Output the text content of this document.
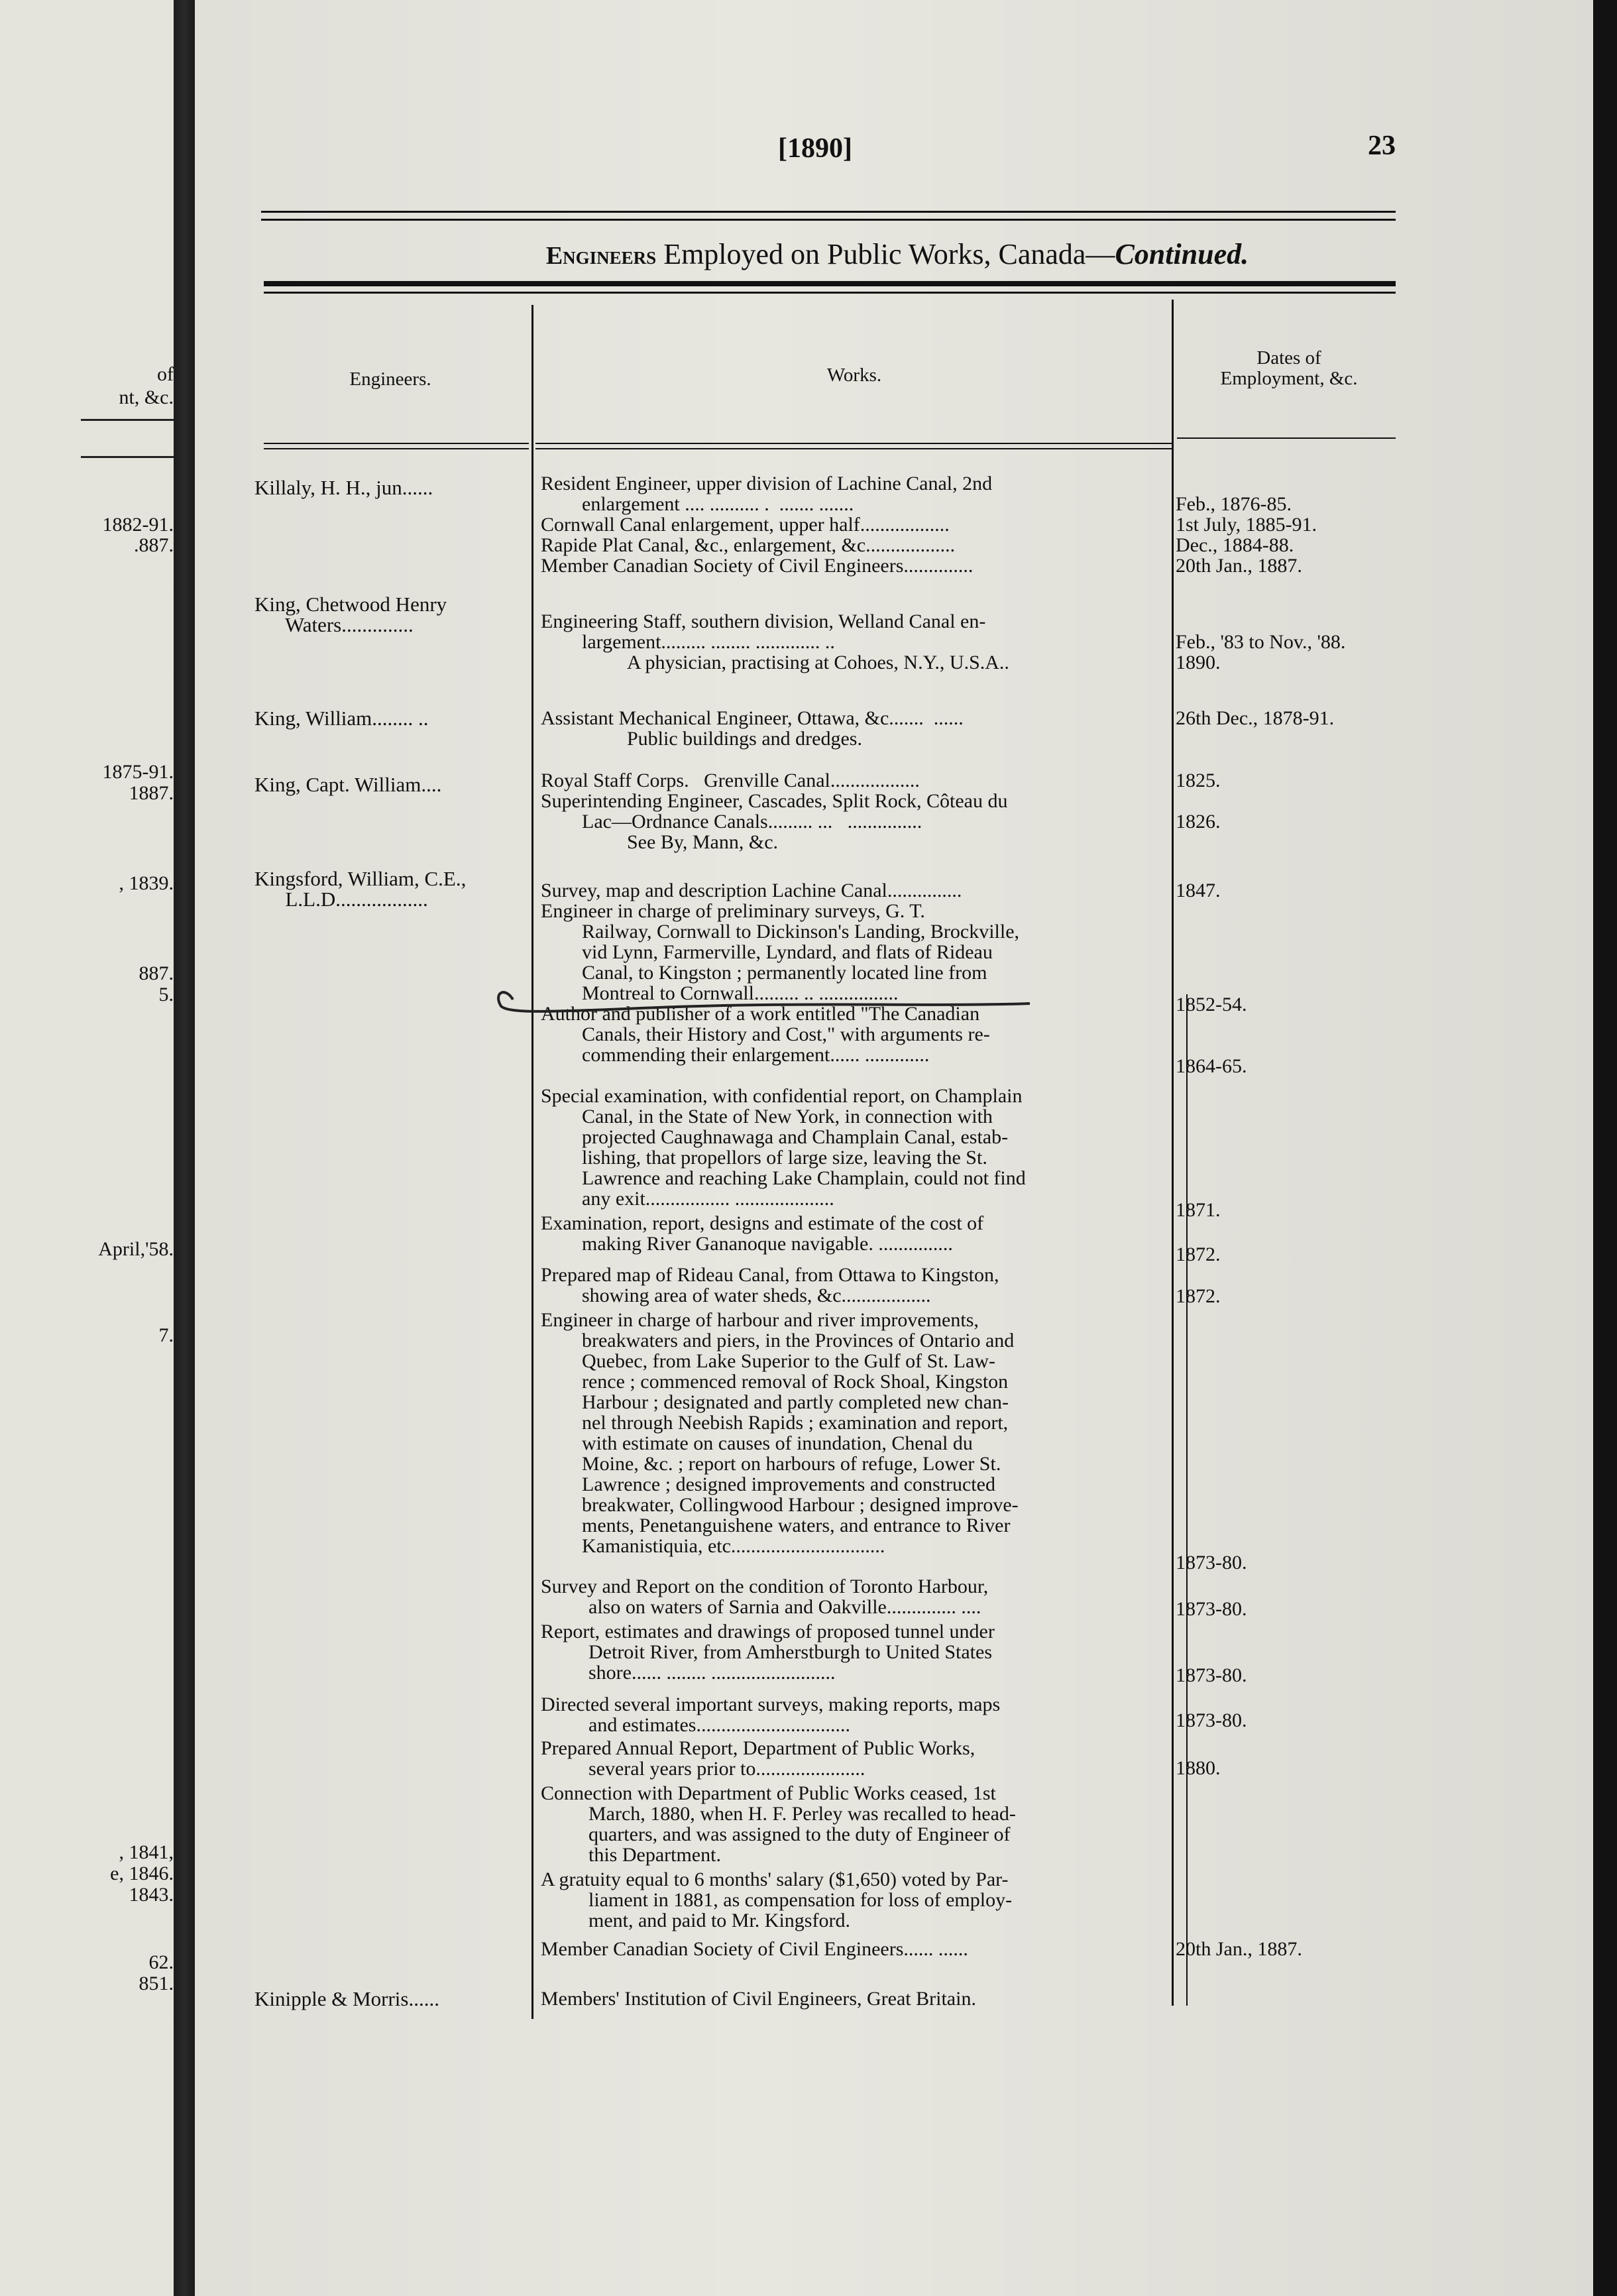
of
nt, &c.
1882-91.
.887.
1875-91.
1887.
, 1839.
887.
5.
April,'58.
7.
, 1841,
e, 1846.
1843.
62.
851.
[1890]	23
Engineers Employed on Public Works, Canada—Continued.
Engineers.	Works.
Dates of
Employment, &c.
Killaly, H. H., jun......
King, Chetwood Henry
Waters..............
King, William........ ..
King, Capt. William....
Kingsford, William, C.E.,
L.L.D..................
Kinipple & Morris......
Resident Engineer, upper division of Lachine Canal, 2nd
enlargement .... .......... .  ....... .......
Cornwall Canal enlargement, upper half..................
Rapide Plat Canal, &c., enlargement, &c..................
Member Canadian Society of Civil Engineers..............
Engineering Staff, southern division, Welland Canal en-
largement......... ........ ............. ..
A physician, practising at Cohoes, N.Y., U.S.A..
Assistant Mechanical Engineer, Ottawa, &c.......  ......
Public buildings and dredges.
Royal Staff Corps.   Grenville Canal..................
Superintending Engineer, Cascades, Split Rock, Côteau du
Lac—Ordnance Canals......... ...   ...............
See By, Mann, &c.
Survey, map and description Lachine Canal...............
Engineer in charge of preliminary surveys, G. T.
Railway, Cornwall to Dickinson's Landing, Brockville,
vid Lynn, Farmerville, Lyndard, and flats of Rideau
Canal, to Kingston ; permanently located line from
Montreal to Cornwall......... .. ................
Author and publisher of a work entitled "The Canadian
Canals, their History and Cost," with arguments re-
commending their enlargement...... .............
Special examination, with confidential report, on Champlain
Canal, in the State of New York, in connection with
projected Caughnawaga and Champlain Canal, estab-
lishing, that propellors of large size, leaving the St.
Lawrence and reaching Lake Champlain, could not find
any exit................. ....................
Examination, report, designs and estimate of the cost of
making River Gananoque navigable. ...............
Prepared map of Rideau Canal, from Ottawa to Kingston,
showing area of water sheds, &c..................
Engineer in charge of harbour and river improvements,
breakwaters and piers, in the Provinces of Ontario and
Quebec, from Lake Superior to the Gulf of St. Law-
rence ; commenced removal of Rock Shoal, Kingston
Harbour ; designated and partly completed new chan-
nel through Neebish Rapids ; examination and report,
with estimate on causes of inundation, Chenal du
Moine, &c. ; report on harbours of refuge, Lower St.
Lawrence ; designed improvements and constructed
breakwater, Collingwood Harbour ; designed improve-
ments, Penetanguishene waters, and entrance to River
Kamanistiquia, etc...............................
Survey and Report on the condition of Toronto Harbour,
also on waters of Sarnia and Oakville.............. ....
Report, estimates and drawings of proposed tunnel under
Detroit River, from Amherstburgh to United States
shore...... ........ .........................
Directed several important surveys, making reports, maps
and estimates...............................
Prepared Annual Report, Department of Public Works,
several years prior to......................
Connection with Department of Public Works ceased, 1st
March, 1880, when H. F. Perley was recalled to head-
quarters, and was assigned to the duty of Engineer of
this Department.
A gratuity equal to 6 months' salary ($1,650) voted by Par-
liament in 1881, as compensation for loss of employ-
ment, and paid to Mr. Kingsford.
Member Canadian Society of Civil Engineers...... ......
Members' Institution of Civil Engineers, Great Britain.
Feb., 1876-85.
1st July, 1885-91.
Dec., 1884-88.
20th Jan., 1887.
Feb., '83 to Nov., '88.
1890.
26th Dec., 1878-91.
1825.
1826.
1847.
1852-54.
1864-65.
1871.
1872.
1872.
1873-80.
1873-80.
1873-80.
1873-80.
1880.
20th Jan., 1887.
